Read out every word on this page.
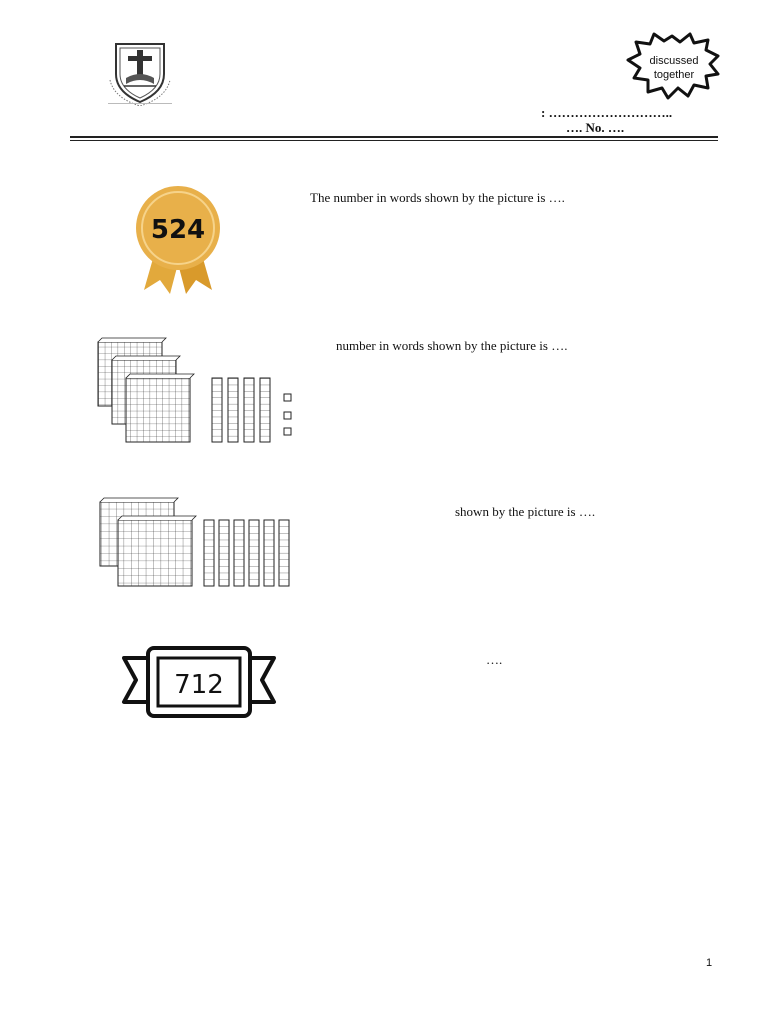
discussed
together
: ………………………..
…. No. ….
524
The number in words shown by the picture is ….
number in words shown by the picture is ….
shown by the picture is ….
712
….
1
